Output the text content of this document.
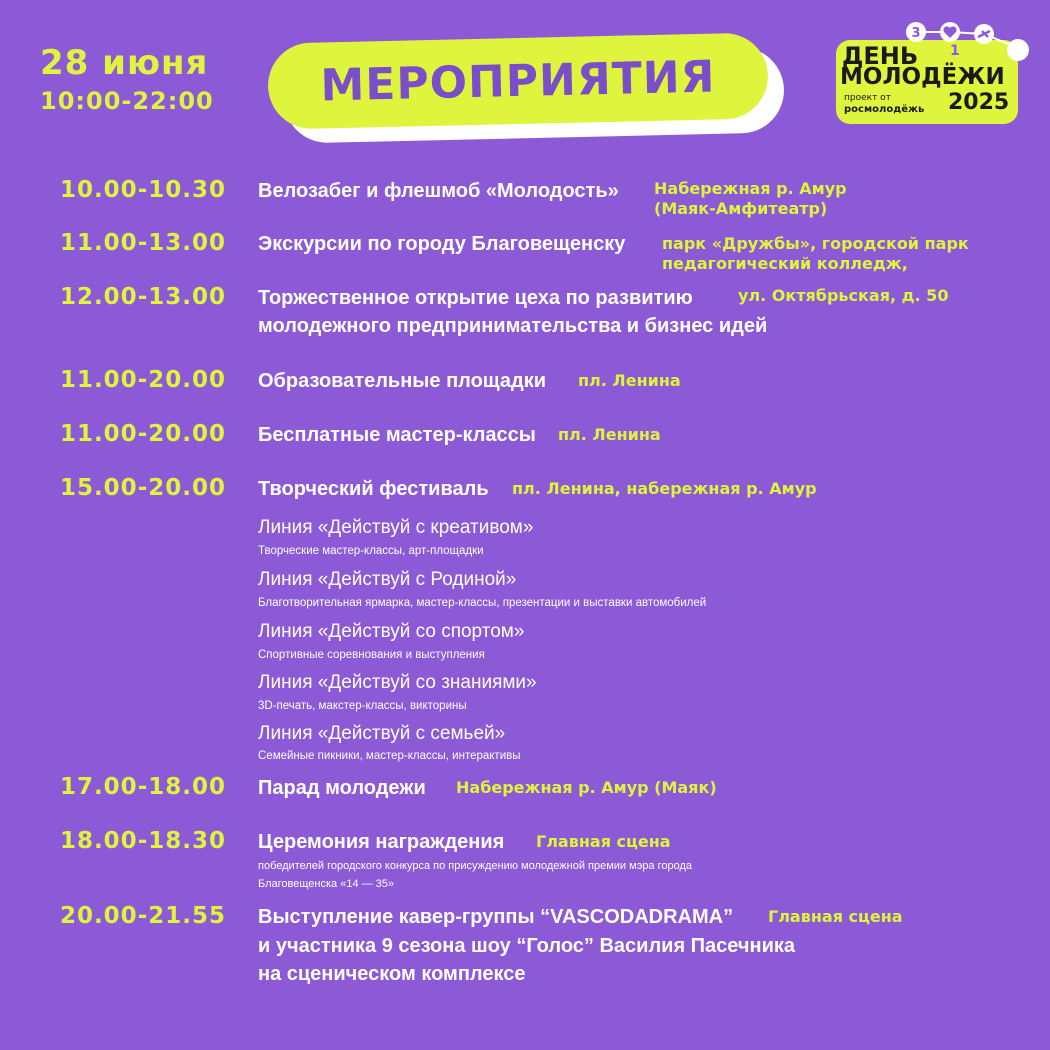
28 июня
10:00-22:00 МЕРОПРИЯТИЯ
3
1
ДЕНЬ
МОЛОДЁЖИ
проект от
росмолодёжь 2025
10.00-10.30 Велозабег и флешмоб «Молодость» Набережная р. Амур
(Маяк-Амфитеатр)
11.00-13.00 Экскурсии по городу Благовещенску парк «Дружбы», городской парк
педагогический колледж,
12.00-13.00 Торжественное открытие цеха по развитию
молодежного предпринимательства и бизнес идей
ул. Октябрьская, д. 50
11.00-20.00 Образовательные площадки пл. Ленина
11.00-20.00 Бесплатные мастер-классы пл. Ленина
15.00-20.00 Творческий фестиваль пл. Ленина, набережная р. Амур
Линия «Действуй с креативом»
Творческие мастер-классы, арт-площадки
Линия «Действуй с Родиной»
Благотворительная ярмарка, мастер-классы, презентации и выставки автомобилей
Линия «Действуй со спортом»
Спортивные соревнования и выступления
Линия «Действуй со знаниями»
3D-печать, макстер-классы, викторины
Линия «Действуй с семьей»
Семейные пикники, мастер-классы, интерактивы
17.00-18.00 Парад молодежи Набережная р. Амур (Маяк)
18.00-18.30 Церемония награждения Главная сцена
победителей городского конкурса по присуждению молодежной премии мэра города
Благовещенска «14 — 35»
20.00-21.55 Выступление кавер-группы “VASCODADRAMA” Главная сцена
и участника 9 сезона шоу “Голос” Василия Пасечника
на сценическом комплексе
